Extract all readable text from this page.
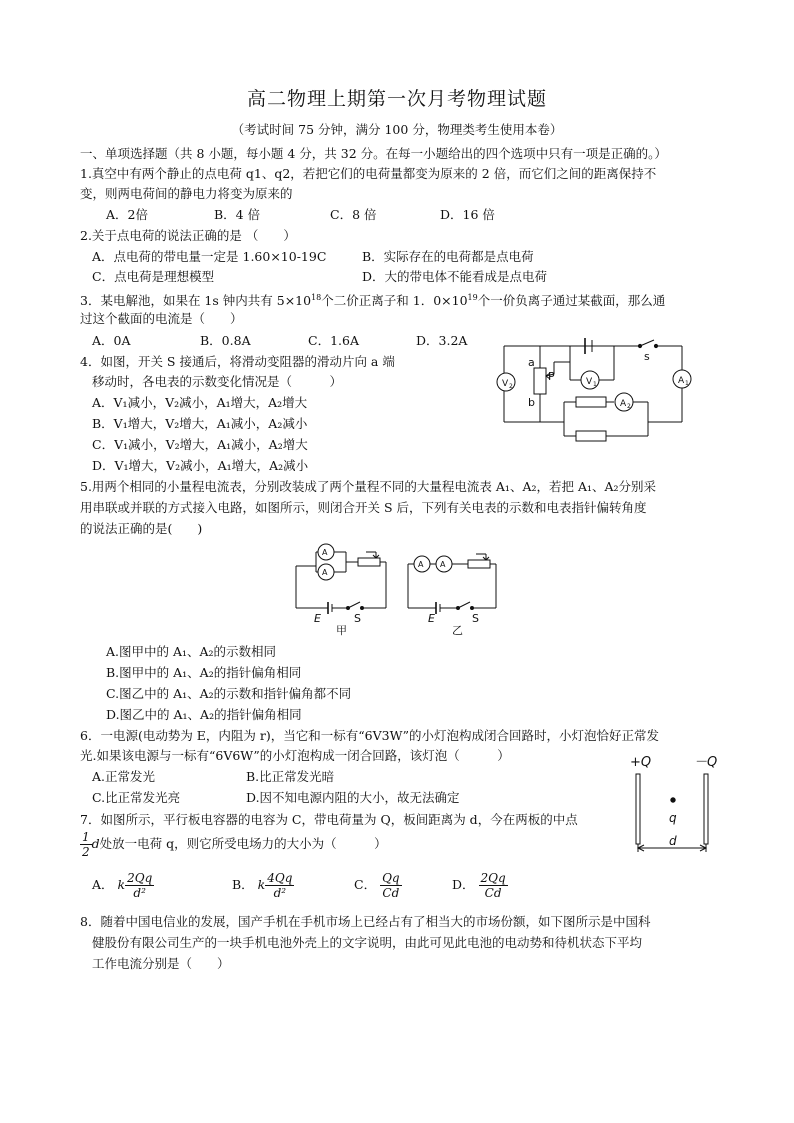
高二物理上期第一次月考物理试题
（考试时间 75 分钟，满分 100 分，物理类考生使用本卷）
一、单项选择题（共 8 小题，每小题 4 分，共 32 分。在每一小题给出的四个选项中只有一项是正确的。）
1.真空中有两个静止的点电荷 q1、q2，若把它们的电荷量都变为原来的 2 倍，而它们之间的距离保持不
变，则两电荷间的静电力将变为原来的
A．2倍	B．4 倍	C．8 倍	D．16 倍
2.关于点电荷的说法正确的是 （　　）
A．点电荷的带电量一定是 1.60×10-19C	B．实际存在的电荷都是点电荷
C．点电荷是理想模型	D．大的带电体不能看成是点电荷
3．某电解池，如果在 1s 钟内共有 $5\times 10^{18}$个二价正离子和 1．$0\times 10^{19}$个一价负离子通过某截面，那么通
过这个截面的电流是（　　）
A．0A	B．0.8A	C．1.6A	D．3.2A
4．如图，开关 S 接通后，将滑动变阻器的滑动片向 a 端
移动时，各电表的示数变化情况是（　　　）
A．V₁减小，V₂减小，A₁增大，A₂增大
B．V₁增大，V₂增大，A₁减小，A₂减小
C．V₁减小，V₂增大，A₁减小，A₂增大
D．V₁增大，V₂减小，A₁增大，A₂减小
a
b
P
s
V 1
V 2
A 1
A 2
5.用两个相同的小量程电流表，分别改装成了两个量程不同的大量程电流表 A₁、A₂，若把 A₁、A₂分别采
用串联或并联的方式接入电路，如图所示，则闭合开关 S 后，下列有关电表的示数和电表指针偏转角度
的说法正确的是(　　)
A
A
E	S
甲
A A
E	S
乙
A.图甲中的 A₁、A₂的示数相同
B.图甲中的 A₁、A₂的指针偏角相同
C.图乙中的 A₁、A₂的示数和指针偏角都不同
D.图乙中的 A₁、A₂的指针偏角相同
6．一电源(电动势为 E，内阻为 r)，当它和一标有“6V3W”的小灯泡构成闭合回路时，小灯泡恰好正常发
光.如果该电源与一标有“6V6W”的小灯泡构成一闭合回路，该灯泡（　　　）
A.正常发光	B.比正常发光暗
C.比正常发光亮	D.因不知电源内阻的大小，故无法确定
+Q	－Q
q
d
7．如图所示，平行板电容器的电容为 C，带电荷量为 Q，板间距离为 d，今在两板的中点
$\frac{1}{2}$ d处放一电荷 q，则它所受电场力的大小为（　　　）
A． k $\frac{2Qq}{\text{d²}}$	B． k $\frac{4Qq}{\text{d²}}$	C． $\frac{Qq}{Cd}$	D． $\frac{2Qq}{Cd}$
8．随着中国电信业的发展，国产手机在手机市场上已经占有了相当大的市场份额，如下图所示是中国科
健股份有限公司生产的一块手机电池外壳上的文字说明，由此可见此电池的电动势和待机状态下平均
工作电流分别是（　　）
